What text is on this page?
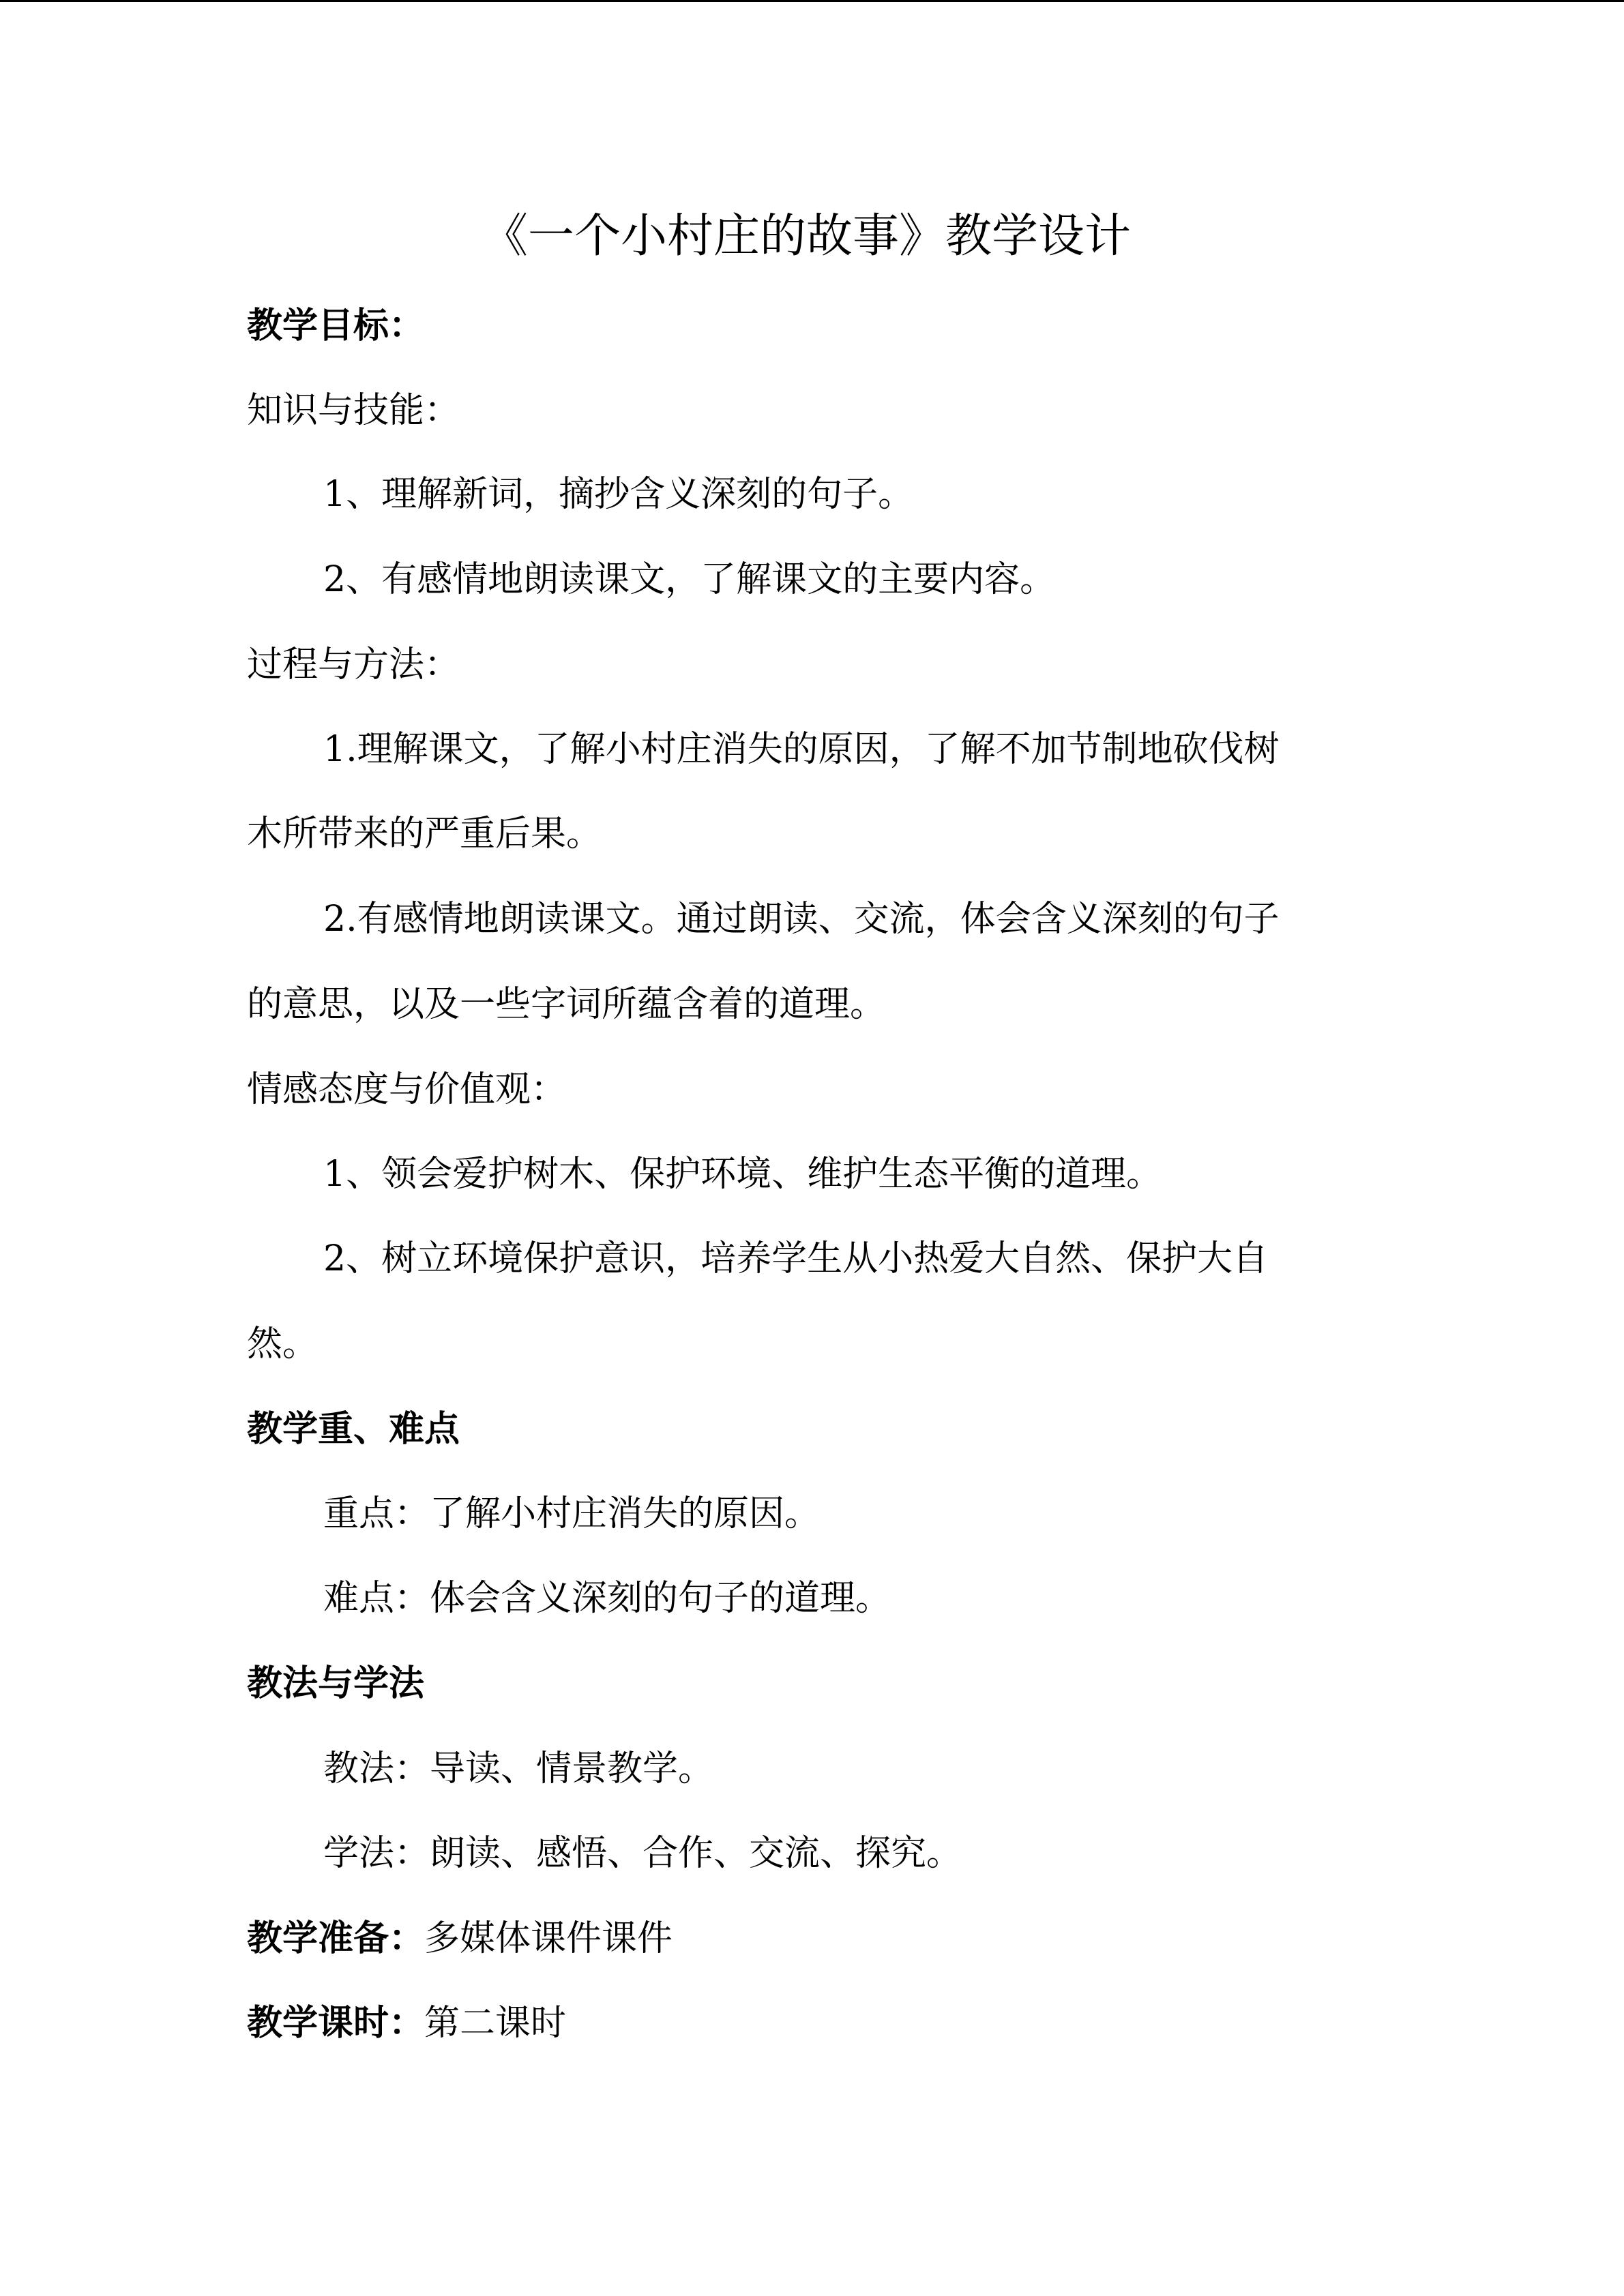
《一个小村庄的故事》教学设计
教学目标：
知识与技能：
1、理解新词，摘抄含义深刻的句子。
2、有感情地朗读课文，了解课文的主要内容。
过程与方法：
1.理解课文，了解小村庄消失的原因，了解不加节制地砍伐树
木所带来的严重后果。
2.有感情地朗读课文。通过朗读、交流，体会含义深刻的句子
的意思，以及一些字词所蕴含着的道理。
情感态度与价值观：
1、领会爱护树木、保护环境、维护生态平衡的道理。
2、树立环境保护意识，培养学生从小热爱大自然、保护大自
然。
教学重、难点
重点：了解小村庄消失的原因。
难点：体会含义深刻的句子的道理。
教法与学法
教法：导读、情景教学。
学法：朗读、感悟、合作、交流、探究。
教学准备：多媒体课件课件
教学课时：第二课时
